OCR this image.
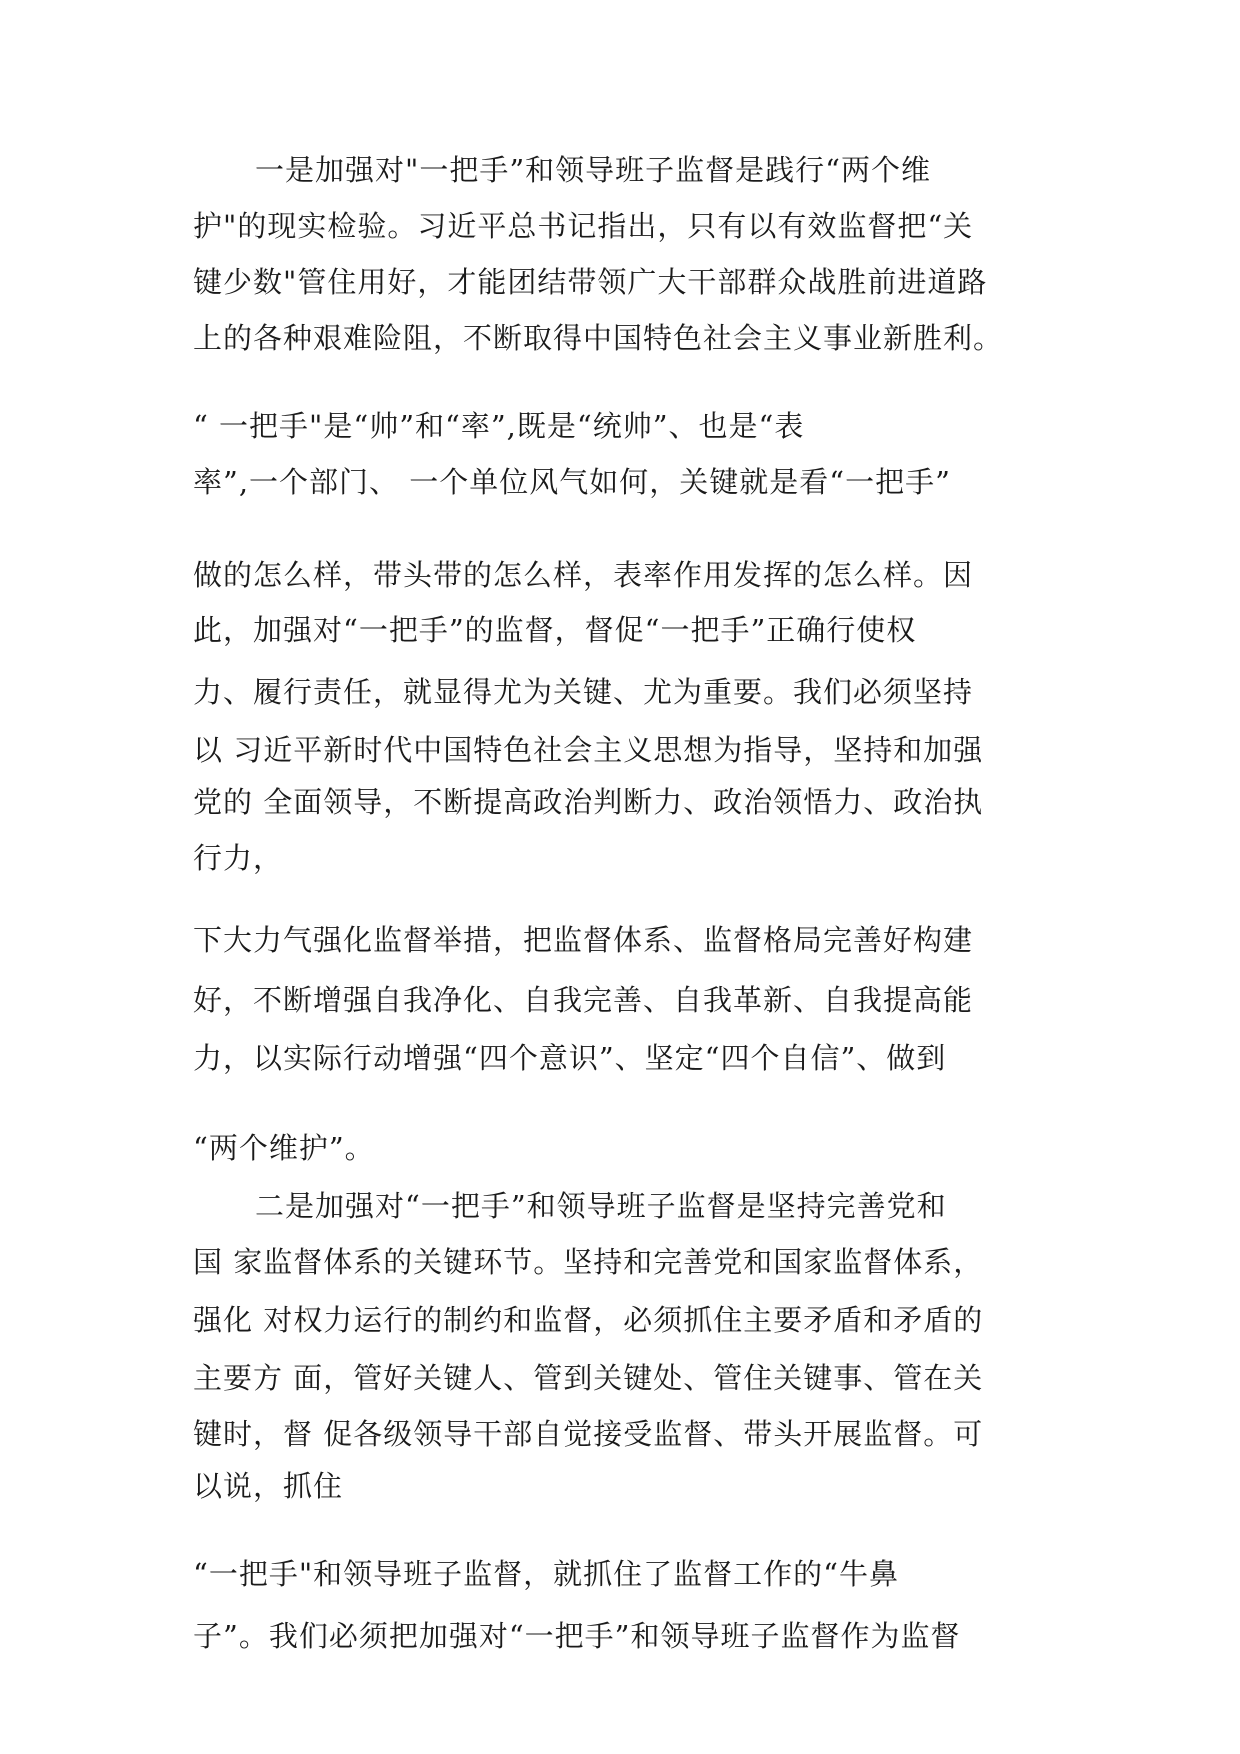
一是加强对"一把手”和领导班子监督是践行“两个维

护"的现实检验。习近平总书记指出，只有以有效监督把“关

键少数"管住用好，才能团结带领广大干部群众战胜前进道路

上的各种艰难险阻，不断取得中国特色社会主义事业新胜利。

“ 一把手"是“帅”和“率”,既是“统帅”、也是“表

率”,一个部门、 一个单位风气如何，关键就是看“一把手”

做的怎么样，带头带的怎么样，表率作用发挥的怎么样。因

此，加强对“一把手”的监督，督促“一把手”正确行使权

力、履行责任，就显得尤为关键、尤为重要。我们必须坚持

以 习近平新时代中国特色社会主义思想为指导，坚持和加强

党的 全面领导，不断提高政治判断力、政治领悟力、政治执

行力，

下大力气强化监督举措，把监督体系、监督格局完善好构建

好，不断增强自我净化、自我完善、自我革新、自我提高能

力，以实际行动增强“四个意识”、坚定“四个自信”、做到

“两个维护”。

二是加强对“一把手”和领导班子监督是坚持完善党和

国 家监督体系的关键环节。坚持和完善党和国家监督体系，

强化 对权力运行的制约和监督，必须抓住主要矛盾和矛盾的

主要方 面，管好关键人、管到关键处、管住关键事、管在关

键时，督 促各级领导干部自觉接受监督、带头开展监督。可

以说，抓住

“一把手"和领导班子监督，就抓住了监督工作的“牛鼻

子”。我们必须把加强对“一把手”和领导班子监督作为监督
